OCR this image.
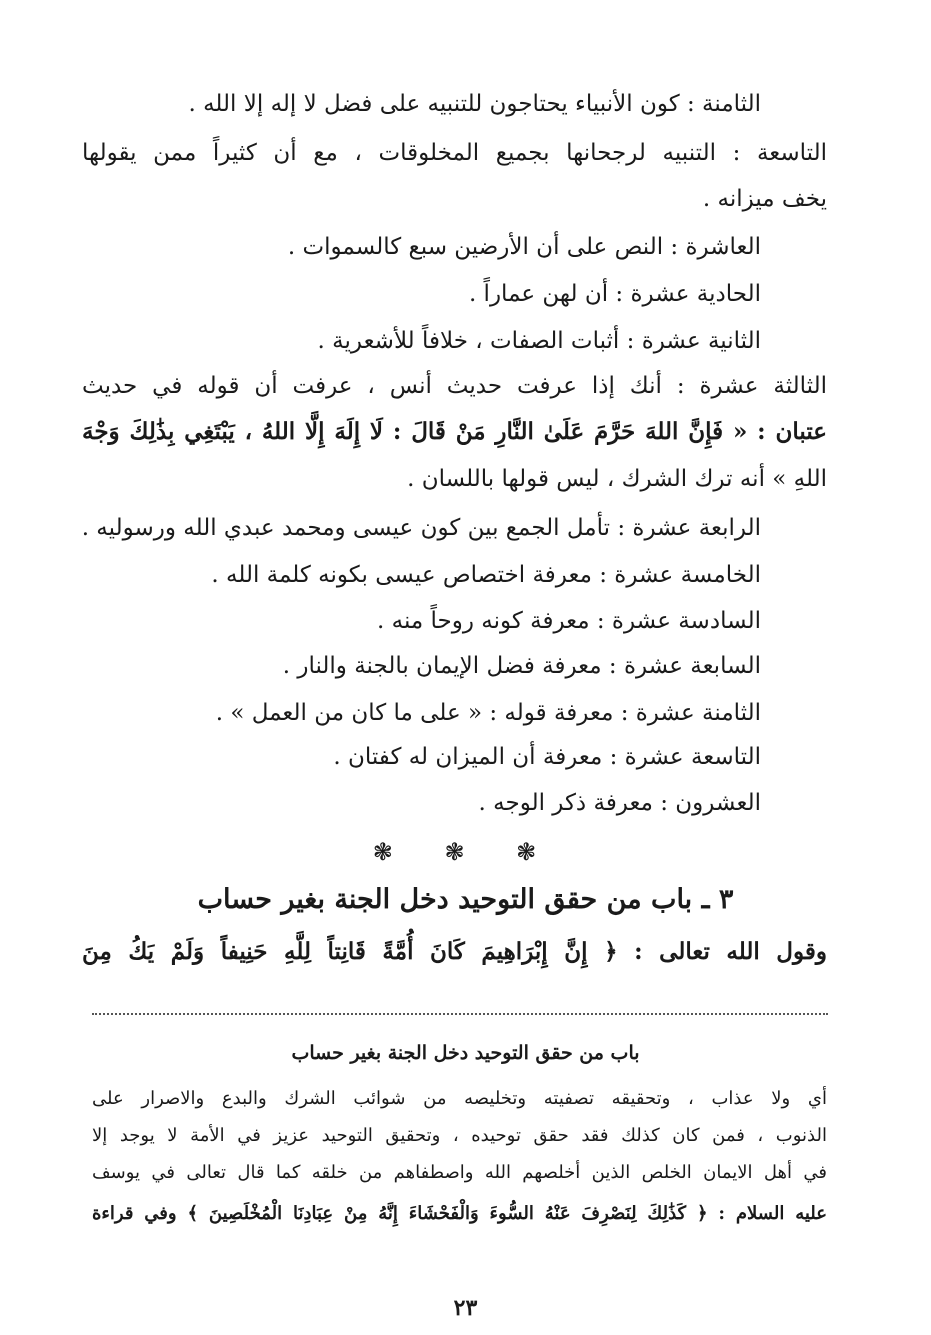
الثامنة : كون الأنبياء يحتاجون للتنبيه على فضل لا إله إلا الله .
التاسعة : التنبيه لرجحانها بجميع المخلوقات ، مع أن كثيراً ممن يقولها
يخف ميزانه .
العاشرة : النص على أن الأرضين سبع كالسموات .
الحادية عشرة : أن لهن عماراً .
الثانية عشرة : أثبات الصفات ، خلافاً للأشعرية .
الثالثة عشرة : أنك إذا عرفت حديث أنس ، عرفت أن قوله في حديث
عتبان : « فَإِنَّ اللهَ حَرَّمَ عَلَىٰ النَّارِ مَنْ قَالَ : لَا إِلَهَ إِلَّا اللهُ ، يَبْتَغِي بِذَٰلِكَ وَجْهَ
اللهِ » أنه ترك الشرك ، ليس قولها باللسان .
الرابعة عشرة : تأمل الجمع بين كون عيسى ومحمد عبدي الله ورسوليه .
الخامسة عشرة : معرفة اختصاص عيسى بكونه كلمة الله .
السادسة عشرة : معرفة كونه روحاً منه .
السابعة عشرة : معرفة فضل الإيمان بالجنة والنار .
الثامنة عشرة : معرفة قوله : « على ما كان من العمل » .
التاسعة عشرة : معرفة أن الميزان له كفتان .
العشرون : معرفة ذكر الوجه .
❃ ❃ ❃
٣ ـ باب من حقق التوحيد دخل الجنة بغير حساب
وقول الله تعالى : ﴿ إِنَّ إِبْرَاهِيمَ كَانَ أُمَّةً قَانِتاً لِلَّهِ حَنِيفاً وَلَمْ يَكُ مِنَ
باب من حقق التوحيد دخل الجنة بغير حساب
أي ولا عذاب ، وتحقيقه تصفيته وتخليصه من شوائب الشرك والبدع والاصرار على
الذنوب ، فمن كان كذلك فقد حقق توحيده ، وتحقيق التوحيد عزيز في الأمة لا يوجد إلا
في أهل الايمان الخلص الذين أخلصهم الله واصطفاهم من خلقه كما قال تعالى في يوسف
عليه السلام : ﴿ كَذَٰلِكَ لِنَصْرِفَ عَنْهُ السُّوءَ وَالْفَحْشَاءَ إِنَّهُ مِنْ عِبَادِنَا الْمُخْلَصِينَ ﴾ وفي قراءة
٢٣
